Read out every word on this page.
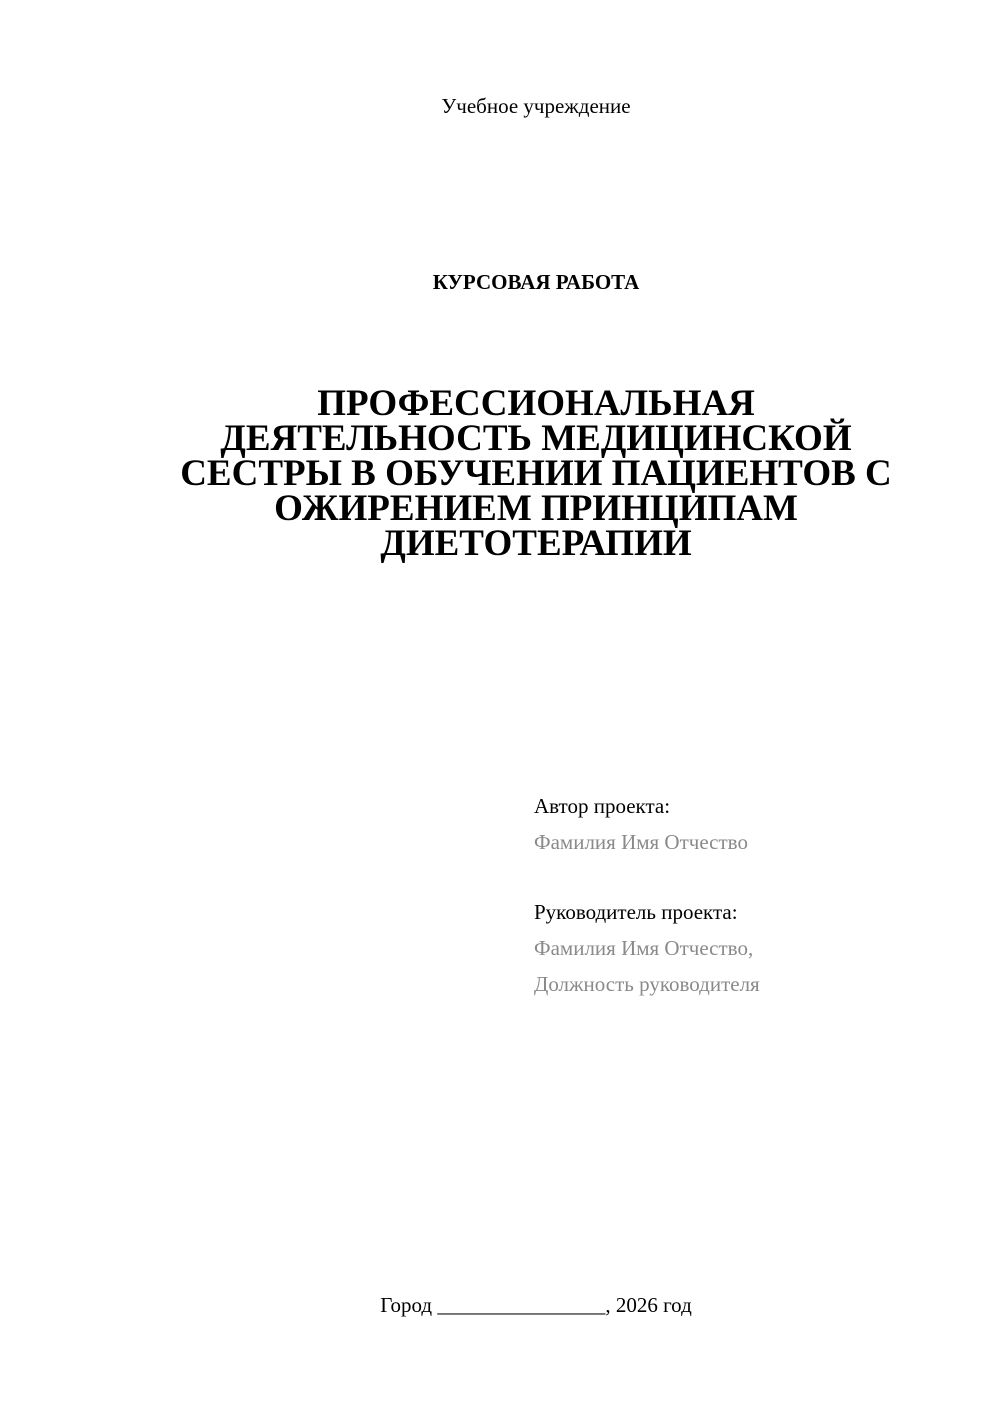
Учебное учреждение
КУРСОВАЯ РАБОТА
ПРОФЕССИОНАЛЬНАЯ
ДЕЯТЕЛЬНОСТЬ МЕДИЦИНСКОЙ
СЕСТРЫ В ОБУЧЕНИИ ПАЦИЕНТОВ С
ОЖИРЕНИЕМ ПРИНЦИПАМ
ДИЕТОТЕРАПИИ
Автор проекта:
Фамилия Имя Отчество
Руководитель проекта:
Фамилия Имя Отчество,
Должность руководителя
Город ________________, 2026 год
